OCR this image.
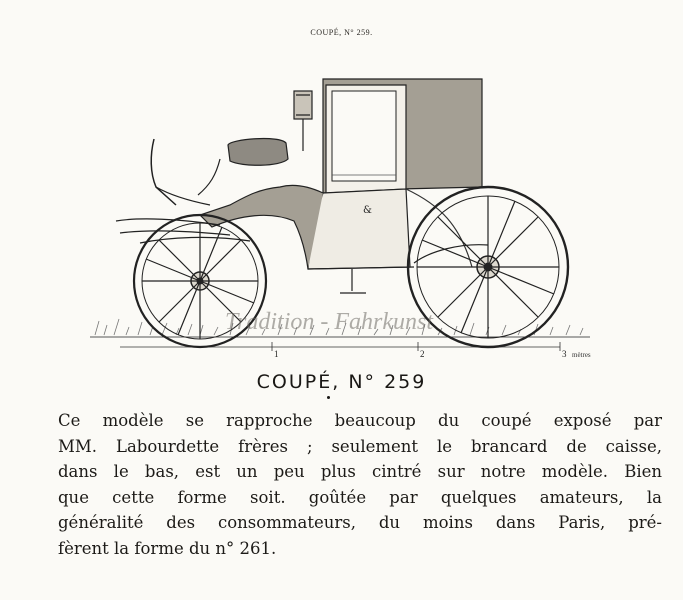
COUPÉ, N° 259.
1	2	3 mètres
&
Tradition - Fahrkunst
COUPÉ, N° 259

Ce modèle se rapproche beaucoup du coupé exposé par
MM. Labourdette frères ; seulement le brancard de caisse,
dans le bas, est un peu plus cintré sur notre modèle. Bien
que cette forme soit. goûtée par quelques amateurs, la
généralité des consommateurs, du moins dans Paris, pré-
fèrent la forme du n° 261.
